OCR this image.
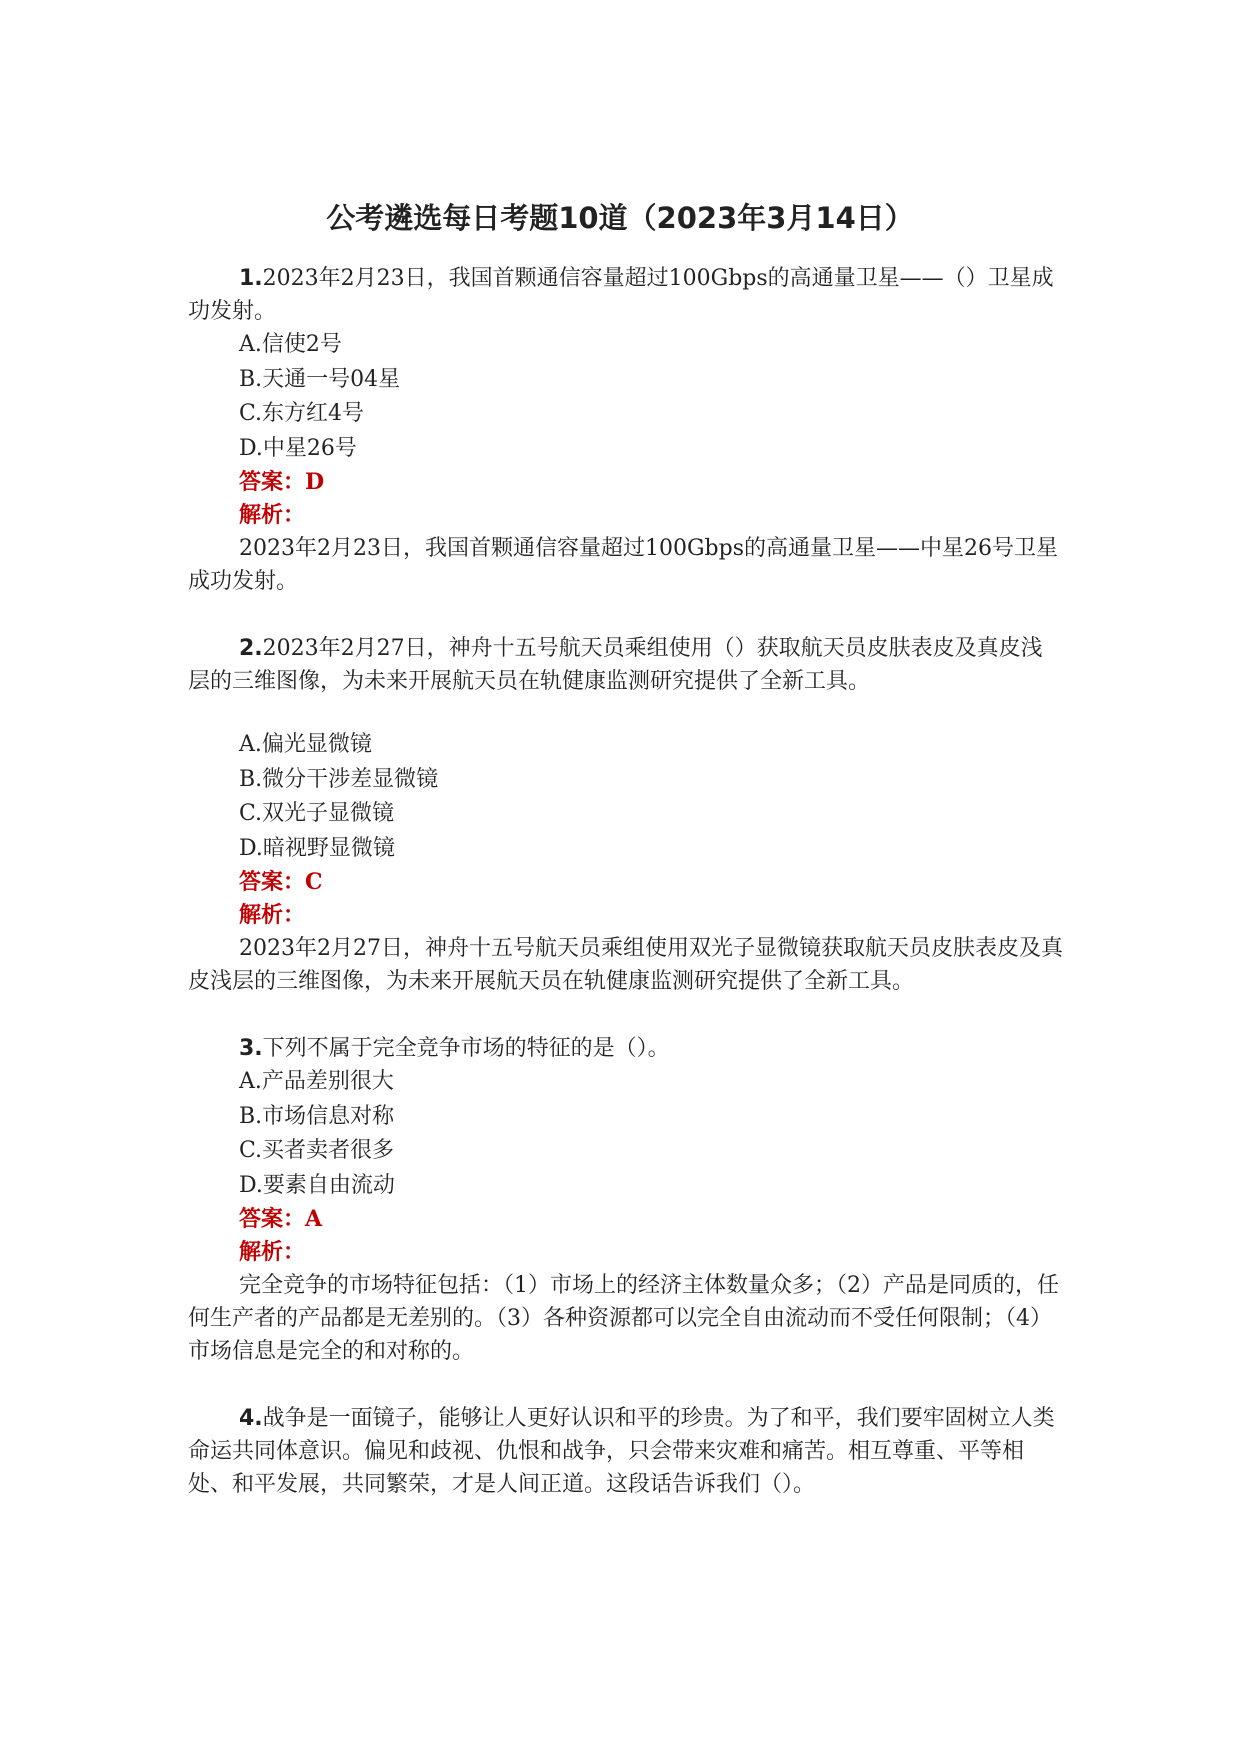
公考遴选每日考题10道（2023年3月14日）

1.2023年2月23日，我国首颗通信容量超过100Gbps的高通量卫星——（）卫星成功发射。

A.信使2号

B.天通一号04星

C.东方红4号

D.中星26号

答案：D

解析：

2023年2月23日，我国首颗通信容量超过100Gbps的高通量卫星——中星26号卫星成功发射。

2.2023年2月27日，神舟十五号航天员乘组使用（）获取航天员皮肤表皮及真皮浅层的三维图像，为未来开展航天员在轨健康监测研究提供了全新工具。

A.偏光显微镜

B.微分干涉差显微镜

C.双光子显微镜

D.暗视野显微镜

答案：C

解析：

2023年2月27日，神舟十五号航天员乘组使用双光子显微镜获取航天员皮肤表皮及真皮浅层的三维图像，为未来开展航天员在轨健康监测研究提供了全新工具。

3.下列不属于完全竞争市场的特征的是（）。

A.产品差别很大

B.市场信息对称

C.买者卖者很多

D.要素自由流动

答案：A

解析：

完全竞争的市场特征包括：（1）市场上的经济主体数量众多；（2）产品是同质的，任何生产者的产品都是无差别的。（3）各种资源都可以完全自由流动而不受任何限制；（4）市场信息是完全的和对称的。

4.战争是一面镜子，能够让人更好认识和平的珍贵。为了和平，我们要牢固树立人类命运共同体意识。偏见和歧视、仇恨和战争，只会带来灾难和痛苦。相互尊重、平等相处、和平发展，共同繁荣，才是人间正道。这段话告诉我们（）。
